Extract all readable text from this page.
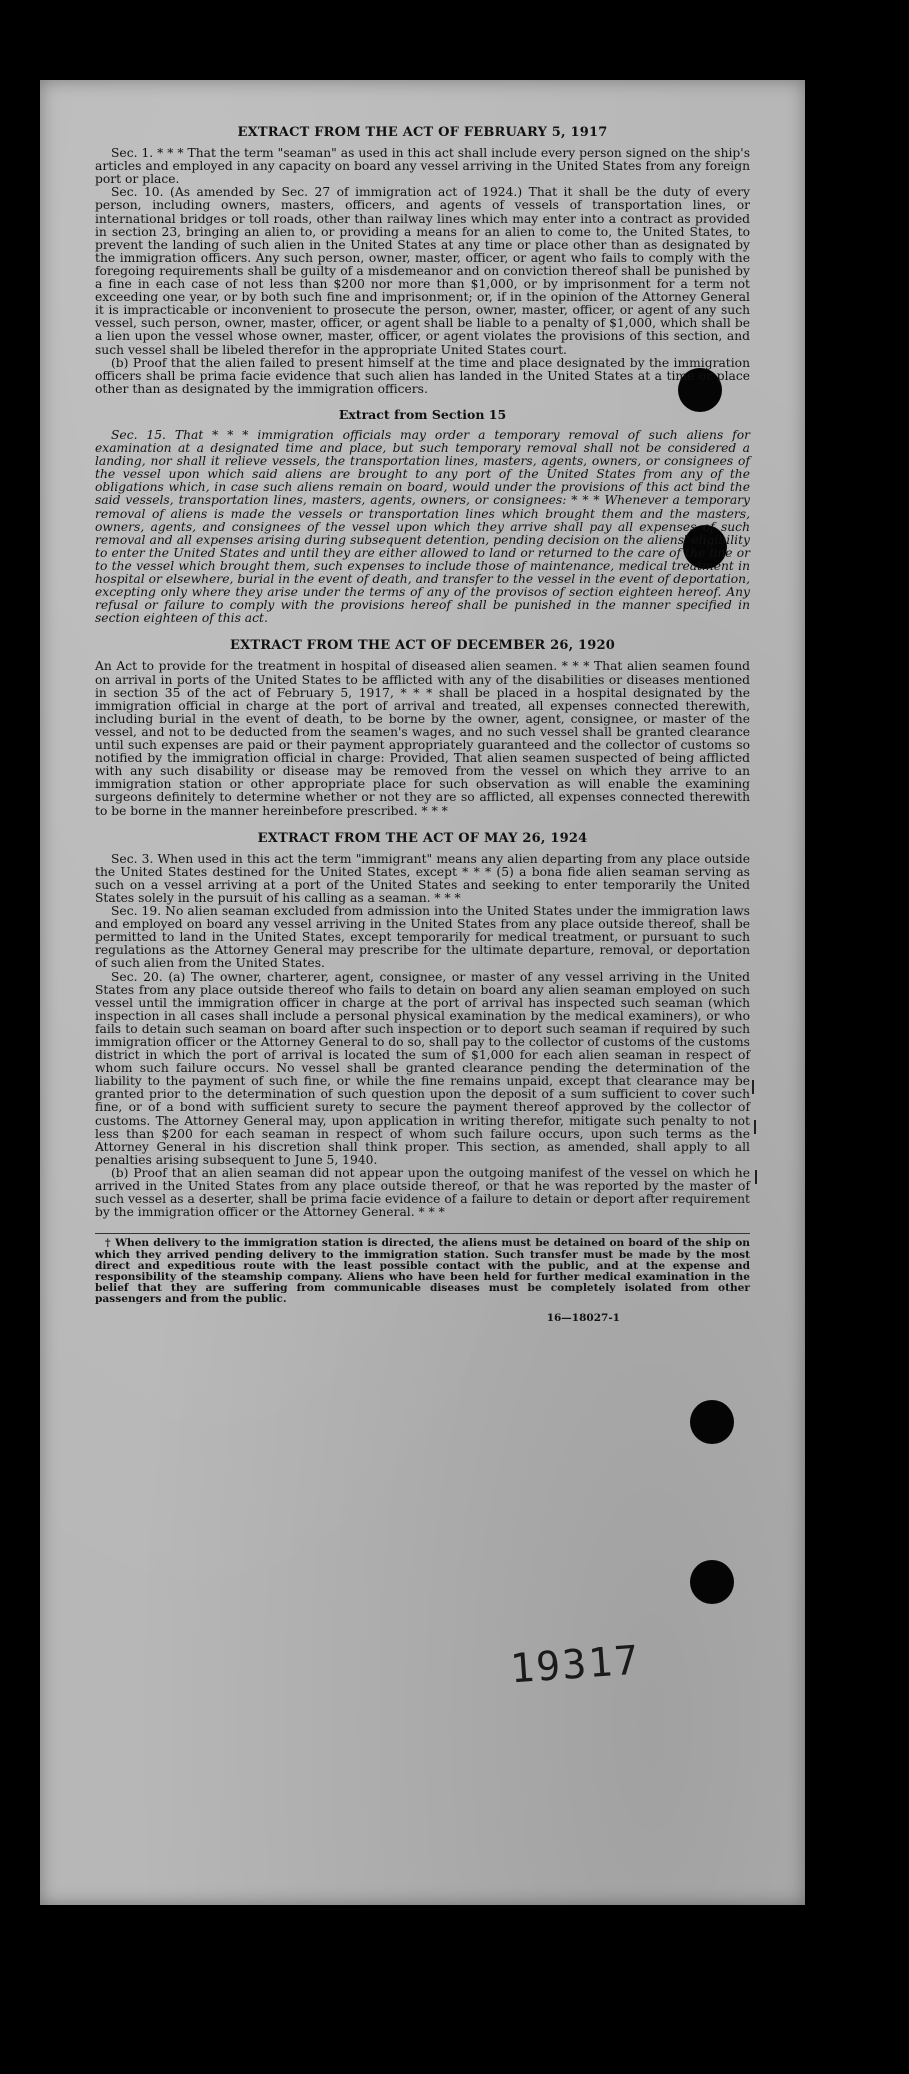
EXTRACT FROM THE ACT OF FEBRUARY 5, 1917

Sec. 1. * * * That the term "seaman" as used in this act shall include every person signed on the ship's articles and employed in any capacity on board any vessel arriving in the United States from any foreign port or place.

Sec. 10. (As amended by Sec. 27 of immigration act of 1924.) That it shall be the duty of every person, including owners, masters, officers, and agents of vessels of transportation lines, or international bridges or toll roads, other than railway lines which may enter into a contract as provided in section 23, bringing an alien to, or providing a means for an alien to come to, the United States, to prevent the landing of such alien in the United States at any time or place other than as designated by the immigration officers. Any such person, owner, master, officer, or agent who fails to comply with the foregoing requirements shall be guilty of a misdemeanor and on conviction thereof shall be punished by a fine in each case of not less than $200 nor more than $1,000, or by imprisonment for a term not exceeding one year, or by both such fine and imprisonment; or, if in the opinion of the Attorney General it is impracticable or inconvenient to prosecute the person, owner, master, officer, or agent of any such vessel, such person, owner, master, officer, or agent shall be liable to a penalty of $1,000, which shall be a lien upon the vessel whose owner, master, officer, or agent violates the provisions of this section, and such vessel shall be libeled therefor in the appropriate United States court.

(b) Proof that the alien failed to present himself at the time and place designated by the immigration officers shall be prima facie evidence that such alien has landed in the United States at a time or place other than as designated by the immigration officers.

Extract from Section 15

Sec. 15. That * * * immigration officials may order a temporary removal of such aliens for examination at a designated time and place, but such temporary removal shall not be considered a landing, nor shall it relieve vessels, the transportation lines, masters, agents, owners, or consignees of the vessel upon which said aliens are brought to any port of the United States from any of the obligations which, in case such aliens remain on board, would under the provisions of this act bind the said vessels, transportation lines, masters, agents, owners, or consignees: * * * Whenever a temporary removal of aliens is made the vessels or transportation lines which brought them and the masters, owners, agents, and consignees of the vessel upon which they arrive shall pay all expenses of such removal and all expenses arising during subsequent detention, pending decision on the aliens' eligibility to enter the United States and until they are either allowed to land or returned to the care of the line or to the vessel which brought them, such expenses to include those of maintenance, medical treatment in hospital or elsewhere, burial in the event of death, and transfer to the vessel in the event of deportation, excepting only where they arise under the terms of any of the provisos of section eighteen hereof. Any refusal or failure to comply with the provisions hereof shall be punished in the manner specified in section eighteen of this act.

EXTRACT FROM THE ACT OF DECEMBER 26, 1920

An Act to provide for the treatment in hospital of diseased alien seamen. * * * That alien seamen found on arrival in ports of the United States to be afflicted with any of the disabilities or diseases mentioned in section 35 of the act of February 5, 1917, * * * shall be placed in a hospital designated by the immigration official in charge at the port of arrival and treated, all expenses connected therewith, including burial in the event of death, to be borne by the owner, agent, consignee, or master of the vessel, and not to be deducted from the seamen's wages, and no such vessel shall be granted clearance until such expenses are paid or their payment appropriately guaranteed and the collector of customs so notified by the immigration official in charge: Provided, That alien seamen suspected of being afflicted with any such disability or disease may be removed from the vessel on which they arrive to an immigration station or other appropriate place for such observation as will enable the examining surgeons definitely to determine whether or not they are so afflicted, all expenses connected therewith to be borne in the manner hereinbefore prescribed. * * *

EXTRACT FROM THE ACT OF MAY 26, 1924

Sec. 3. When used in this act the term "immigrant" means any alien departing from any place outside the United States destined for the United States, except * * * (5) a bona fide alien seaman serving as such on a vessel arriving at a port of the United States and seeking to enter temporarily the United States solely in the pursuit of his calling as a seaman. * * *

Sec. 19. No alien seaman excluded from admission into the United States under the immigration laws and employed on board any vessel arriving in the United States from any place outside thereof, shall be permitted to land in the United States, except temporarily for medical treatment, or pursuant to such regulations as the Attorney General may prescribe for the ultimate departure, removal, or deportation of such alien from the United States.

Sec. 20. (a) The owner, charterer, agent, consignee, or master of any vessel arriving in the United States from any place outside thereof who fails to detain on board any alien seaman employed on such vessel until the immigration officer in charge at the port of arrival has inspected such seaman (which inspection in all cases shall include a personal physical examination by the medical examiners), or who fails to detain such seaman on board after such inspection or to deport such seaman if required by such immigration officer or the Attorney General to do so, shall pay to the collector of customs of the customs district in which the port of arrival is located the sum of $1,000 for each alien seaman in respect of whom such failure occurs. No vessel shall be granted clearance pending the determination of the liability to the payment of such fine, or while the fine remains unpaid, except that clearance may be granted prior to the determination of such question upon the deposit of a sum sufficient to cover such fine, or of a bond with sufficient surety to secure the payment thereof approved by the collector of customs. The Attorney General may, upon application in writing therefor, mitigate such penalty to not less than $200 for each seaman in respect of whom such failure occurs, upon such terms as the Attorney General in his discretion shall think proper. This section, as amended, shall apply to all penalties arising subsequent to June 5, 1940.

(b) Proof that an alien seaman did not appear upon the outgoing manifest of the vessel on which he arrived in the United States from any place outside thereof, or that he was reported by the master of such vessel as a deserter, shall be prima facie evidence of a failure to detain or deport after requirement by the immigration officer or the Attorney General. * * *

† When delivery to the immigration station is directed, the aliens must be detained on board of the ship on which they arrived pending delivery to the immigration station. Such transfer must be made by the most direct and expeditious route with the least possible contact with the public, and at the expense and responsibility of the steamship company. Aliens who have been held for further medical examination in the belief that they are suffering from communicable diseases must be completely isolated from other passengers and from the public.

16—18027-1
19317
